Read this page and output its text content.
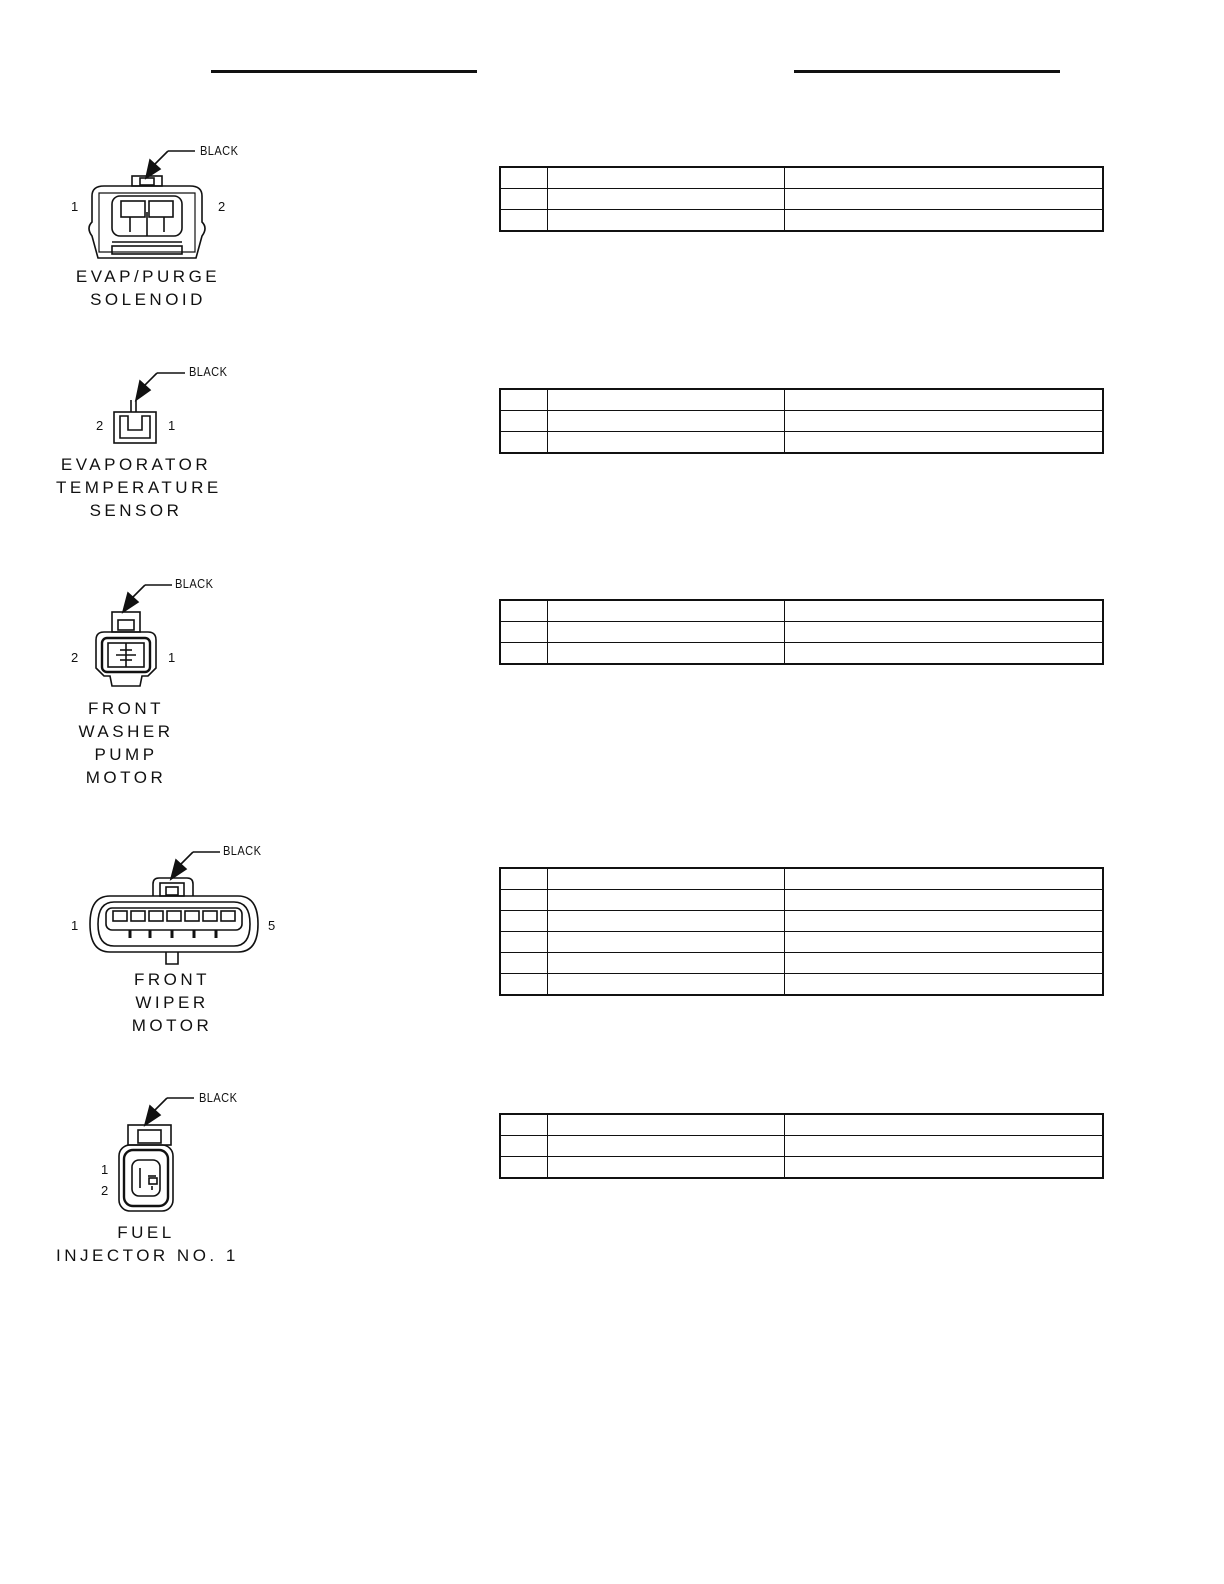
BLACK
1	2
EVAP/PURGE
SOLENOID

BLACK
2	1
EVAPORATOR
TEMPERATURE
SENSOR

BLACK
2	1
FRONT
WASHER
PUMP
MOTOR

BLACK
1	5
FRONT
WIPER
MOTOR

BLACK
1
2
FUEL
INJECTOR NO. 1
